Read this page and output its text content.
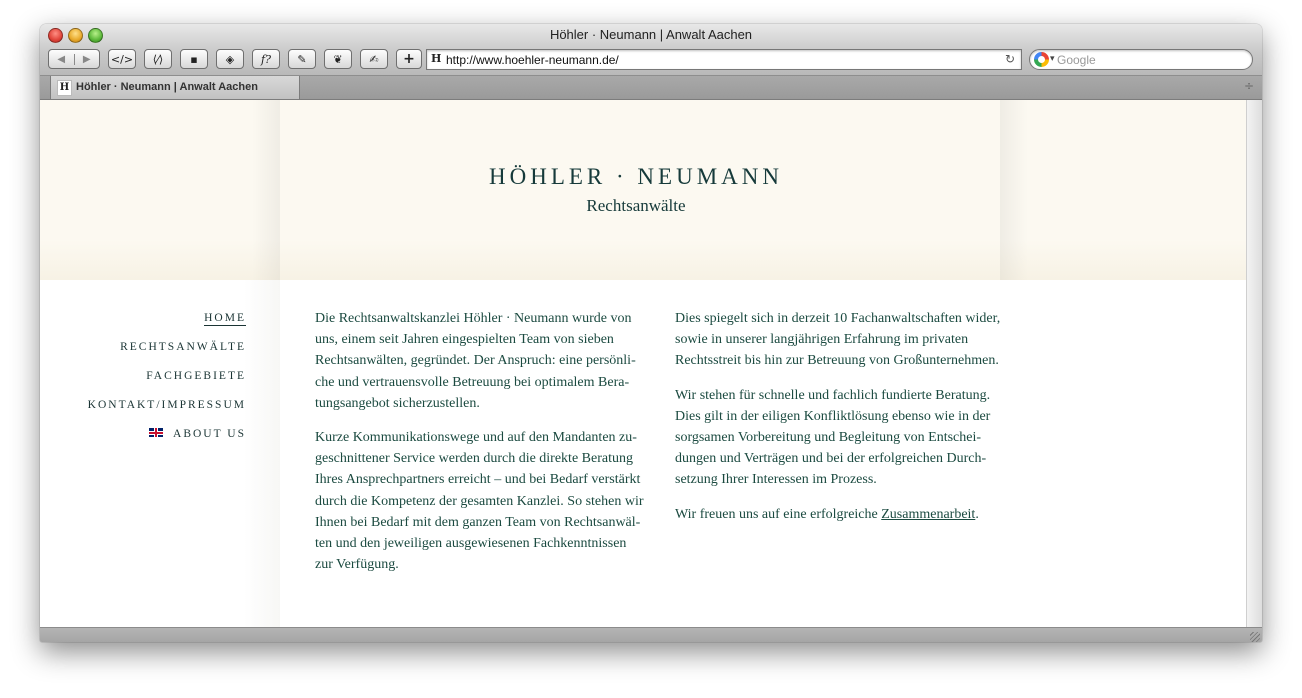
Höhler · Neumann | Anwalt Aachen
◀	▶	</> ⟨⁄⟩ ▪	◈ f? ✎ ❦ ✍ + H http://www.hoehler-neumann.de/	↻	▾ Google
H Höhler · Neumann | Anwalt Aachen	÷
HÖHLER · NEUMANN
Rechtsanwälte
HOME
RECHTSANWÄLTE
FACHGEBIETE
KONTAKT/IMPRESSUM
ABOUT US

Die Rechtsanwaltskanzlei Höhler · Neumann wurde von
uns, einem seit Jahren eingespielten Team von sieben
Rechtsanwälten, gegründet. Der Anspruch: eine persönli-
che und vertrauensvolle Betreuung bei optimalem Bera-
tungsangebot sicherzustellen.

Kurze Kommunikationswege und auf den Mandanten zu-
geschnittener Service werden durch die direkte Beratung
Ihres Ansprechpartners erreicht – und bei Bedarf verstärkt
durch die Kompetenz der gesamten Kanzlei. So stehen wir
Ihnen bei Bedarf mit dem ganzen Team von Rechtsanwäl-
ten und den jeweiligen ausgewiesenen Fachkenntnissen
zur Verfügung.

Dies spiegelt sich in derzeit 10 Fachanwaltschaften wider,
sowie in unserer langjährigen Erfahrung im privaten
Rechtsstreit bis hin zur Betreuung von Großunternehmen.

Wir stehen für schnelle und fachlich fundierte Beratung.
Dies gilt in der eiligen Konfliktlösung ebenso wie in der
sorgsamen Vorbereitung und Begleitung von Entschei-
dungen und Verträgen und bei der erfolgreichen Durch-
setzung Ihrer Interessen im Prozess.

Wir freuen uns auf eine erfolgreiche Zusammenarbeit.
